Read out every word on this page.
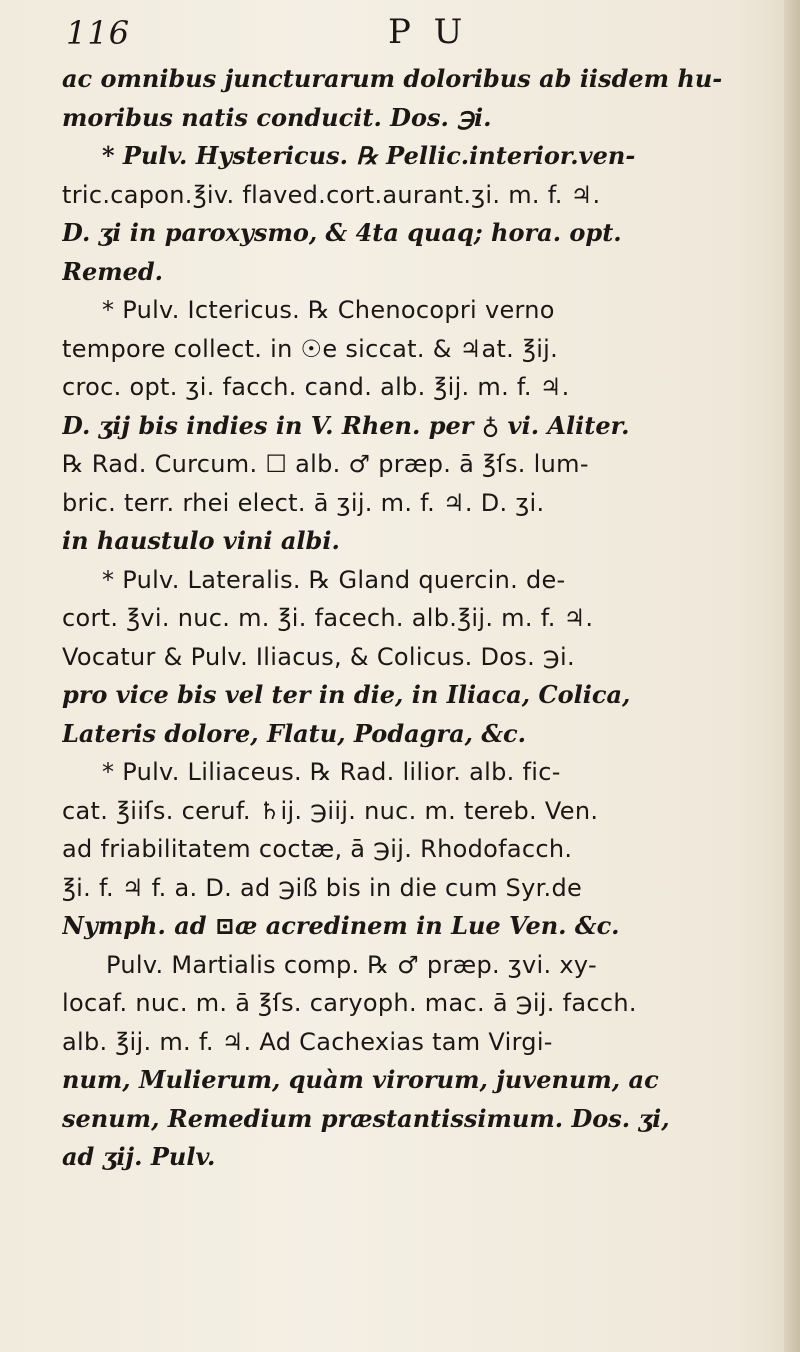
116	P U
ac omnibus juncturarum doloribus ab iisdem hu-
moribus natis conducit. Dos. ℈i.
* Pulv. Hystericus. ℞ Pellic.interior.ven-
tric.capon.℥iv. flaved.cort.aurant.ʒi. m. f. ♃.
D. ʒi in paroxysmo, & 4ta quaq; hora. opt.
Remed.
* Pulv. Ictericus. ℞ Chenocopri verno
tempore collect. in ☉e siccat. & ♃at. ℥ij.
croc. opt. ʒi. facch. cand. alb. ℥ij. m. f. ♃.
D. ʒij bis indies in V. Rhen. per ♁ vi. Aliter.
℞ Rad. Curcum. ☐ alb. ♂ præp. ā ℥ſs. lum-
bric. terr. rhei elect. ā ʒij. m. f. ♃. D. ʒi.
in haustulo vini albi.
* Pulv. Lateralis. ℞ Gland quercin. de-
cort. ℥vi. nuc. m. ℥i. facech. alb.℥ij. m. f. ♃.
Vocatur & Pulv. Iliacus, & Colicus. Dos. ℈i.
pro vice bis vel ter in die, in Iliaca, Colica,
Lateris dolore, Flatu, Podagra, &c.
* Pulv. Liliaceus. ℞ Rad. lilior. alb. fic-
cat. ℥iiſs. ceruf. ♄ij. ℈iij. nuc. m. tereb. Ven.
ad friabilitatem coctæ, ā ℈ij. Rhodofacch.
℥i. f. ♃ f. a. D. ad ℈iß bis in die cum Syr.de
Nymph. ad ⊡æ acredinem in Lue Ven. &c.
Pulv. Martialis comp. ℞ ♂ præp. ʒvi. xy-
locaf. nuc. m. ā ℥ſs. caryoph. mac. ā ℈ij. facch.
alb. ℥ij. m. f. ♃. Ad Cachexias tam Virgi-
num, Mulierum, quàm virorum, juvenum, ac
senum, Remedium præstantissimum. Dos. ʒi,
ad ʒij. Pulv.
